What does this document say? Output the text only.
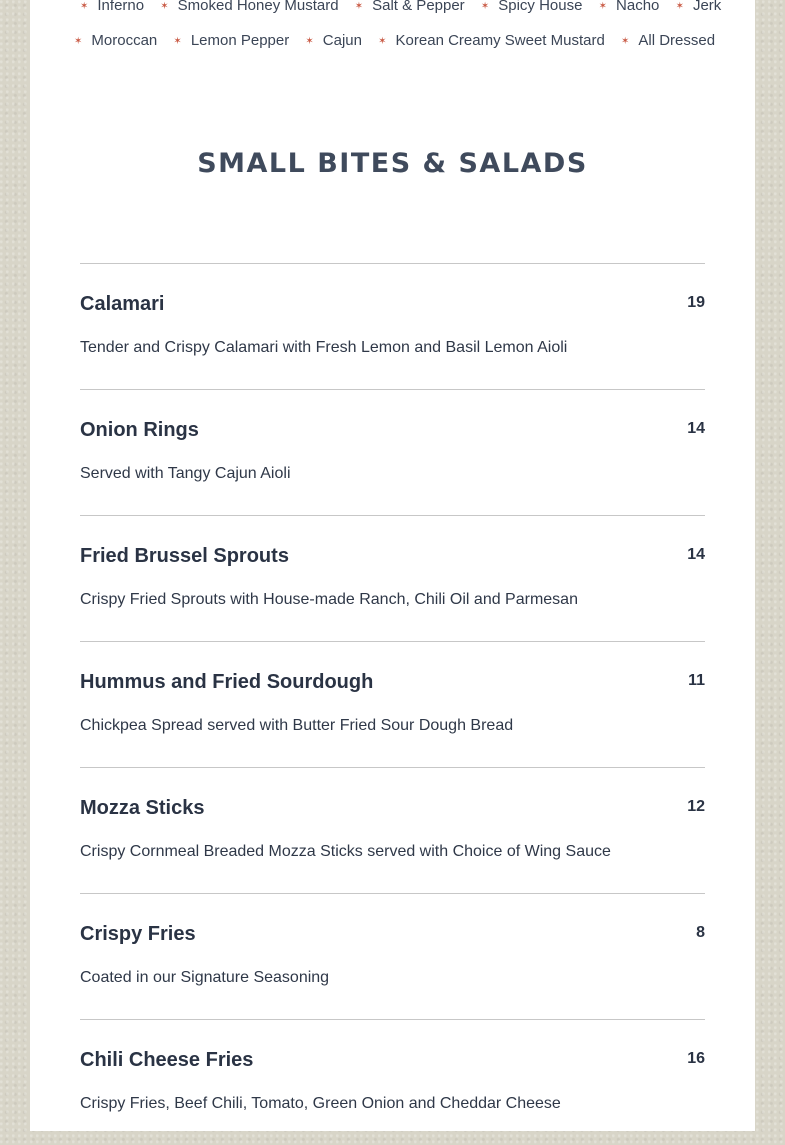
✶ Inferno ✶ Smoked Honey Mustard ✶ Salt & Pepper ✶ Spicy House ✶ Nacho ✶ Jerk
✶ Moroccan ✶ Lemon Pepper ✶ Cajun ✶ Korean Creamy Sweet Mustard ✶ All Dressed
SMALL BITES & SALADS
Calamari	19
Tender and Crispy Calamari with Fresh Lemon and Basil Lemon Aioli
Onion Rings	14
Served with Tangy Cajun Aioli
Fried Brussel Sprouts	14
Crispy Fried Sprouts with House-made Ranch, Chili Oil and Parmesan
Hummus and Fried Sourdough	11
Chickpea Spread served with Butter Fried Sour Dough Bread
Mozza Sticks	12
Crispy Cornmeal Breaded Mozza Sticks served with Choice of Wing Sauce
Crispy Fries	8
Coated in our Signature Seasoning
Chili Cheese Fries	16
Crispy Fries, Beef Chili, Tomato, Green Onion and Cheddar Cheese
